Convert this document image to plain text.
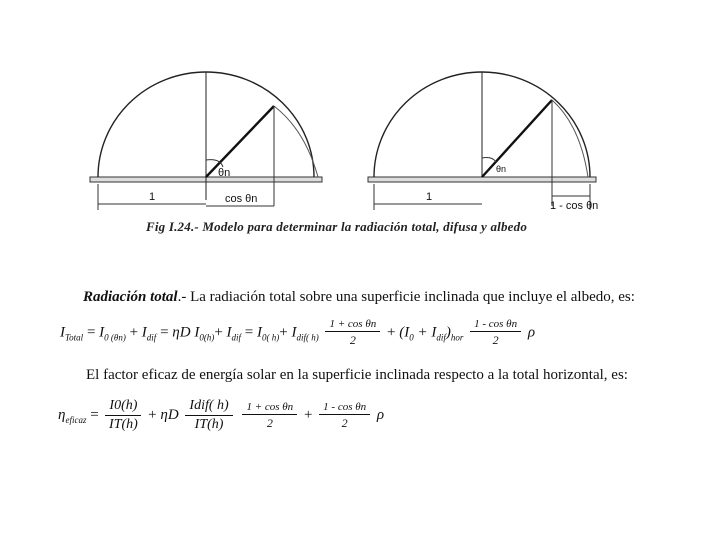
θn
1	cos θn
θn
1
1 - cos θn
Fig I.24.- Modelo para determinar la radiación total, difusa y albedo
Radiación total.- La radiación total sobre una superficie inclinada que incluye el albedo, es:
$I_{Total} = I_{0 (\theta n)} + I_{dif} = \eta D$ $I_{0(h)}+ I_{dif} = I_{0( h)}+ I_{dif( h)} \frac{\text{1 + cos θn}}{2} + (I_0 + I_{dif})_{hor} \frac{\text{1 - cos θn}}{2}$ ρ
El factor eficaz de energía solar en la superficie inclinada respecto a la total horizontal, es:
$\eta_{eficaz} = \frac{I0(h)}{IT(h)} + \eta D \frac{\text{Idif( h)}}{IT(h)}$
$\frac{\text{1 + cos θn}}{2} + \frac{\text{1 - cos θn}}{2}$ ρ
